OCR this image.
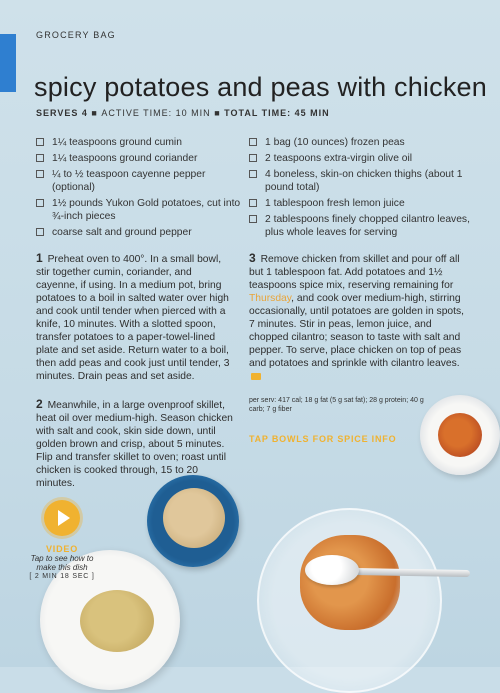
GROCERY BAG
spicy potatoes and peas with chicken
SERVES 4 ■ ACTIVE TIME: 10 MIN ■ TOTAL TIME: 45 MIN
1¼ teaspoons ground cumin
1¼ teaspoons ground coriander
¼ to ½ teaspoon cayenne pepper (optional)
1½ pounds Yukon Gold potatoes, cut into ¾-inch pieces
coarse salt and ground pepper
1 bag (10 ounces) frozen peas
2 teaspoons extra-virgin olive oil
4 boneless, skin-on chicken thighs (about 1 pound total)
1 tablespoon fresh lemon juice
2 tablespoons finely chopped cilantro leaves, plus whole leaves for serving
1 Preheat oven to 400°. In a small bowl, stir together cumin, coriander, and cayenne, if using. In a medium pot, bring potatoes to a boil in salted water over high and cook until tender when pierced with a knife, 10 minutes. With a slotted spoon, transfer potatoes to a paper-towel-lined plate and set aside. Return water to a boil, then add peas and cook just until tender, 3 minutes. Drain peas and set aside.
2 Meanwhile, in a large ovenproof skillet, heat oil over medium-high. Season chicken with salt and cook, skin side down, until golden brown and crisp, about 5 minutes. Flip and transfer skillet to oven; roast until chicken is cooked through, 15 to 20 minutes.
3 Remove chicken from skillet and pour off all but 1 tablespoon fat. Add potatoes and 1½ teaspoons spice mix, reserving remaining for Thursday, and cook over medium-high, stirring occasionally, until potatoes are golden in spots, 7 minutes. Stir in peas, lemon juice, and chopped cilantro; season to taste with salt and pepper. To serve, place chicken on top of peas and potatoes and sprinkle with cilantro leaves.
per serv: 417 cal; 18 g fat (5 g sat fat); 28 g protein; 40 g carb; 7 g fiber
TAP BOWLS FOR SPICE INFO
VIDEO
Tap to see how to make this dish
[ 2 MIN 18 SEC ]
